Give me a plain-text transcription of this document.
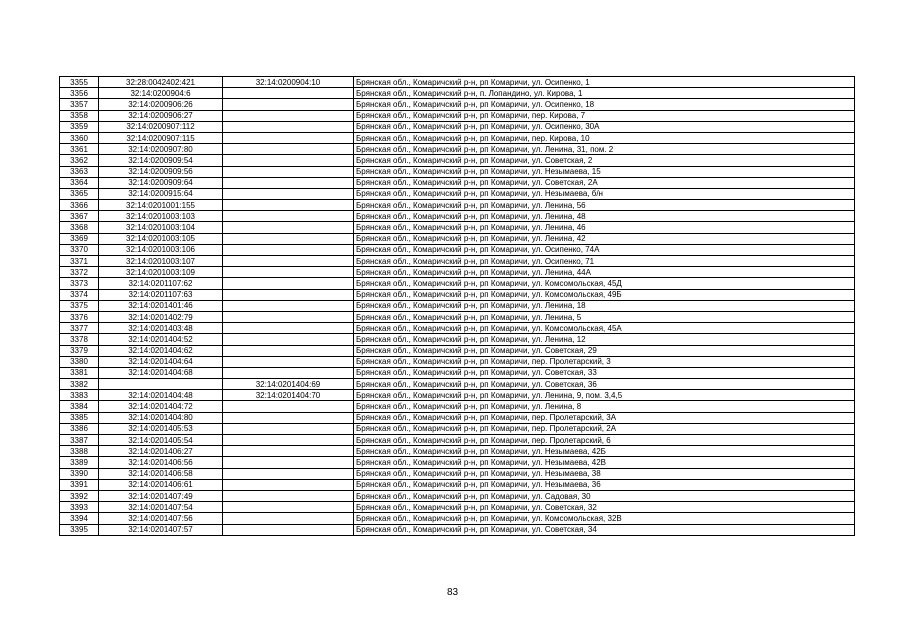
3355	32:28:0042402:421	32:14:0200904:10	Брянская обл., Комаричский р-н, рп Комаричи, ул. Осипенко, 1
3356	32:14:0200904:6		Брянская обл., Комаричский р-н, п. Лопандино, ул. Кирова, 1
3357	32:14:0200906:26		Брянская обл., Комаричский р-н, рп Комаричи, ул. Осипенко, 18
3358	32:14:0200906:27		Брянская обл., Комаричский р-н, рп Комаричи, пер. Кирова, 7
3359	32:14:0200907:112		Брянская обл., Комаричский р-н, рп Комаричи, ул. Осипенко, 30А
3360	32:14:0200907:115		Брянская обл., Комаричский р-н, рп Комаричи, пер. Кирова, 10
3361	32:14:0200907:80		Брянская обл., Комаричский р-н, рп Комаричи, ул. Ленина, 31, пом. 2
3362	32:14:0200909:54		Брянская обл., Комаричский р-н, рп Комаричи, ул. Советская, 2
3363	32:14:0200909:56		Брянская обл., Комаричский р-н, рп Комаричи, ул. Незымаева, 15
3364	32:14:0200909:64		Брянская обл., Комаричский р-н, рп Комаричи, ул. Советская, 2А
3365	32:14:0200915:64		Брянская обл., Комаричский р-н, рп Комаричи, ул. Незымаева, б/н
3366	32:14:0201001:155		Брянская обл., Комаричский р-н, рп Комаричи, ул. Ленина, 56
3367	32:14:0201003:103		Брянская обл., Комаричский р-н, рп Комаричи, ул. Ленина, 48
3368	32:14:0201003:104		Брянская обл., Комаричский р-н, рп Комаричи, ул. Ленина, 46
3369	32:14:0201003:105		Брянская обл., Комаричский р-н, рп Комаричи, ул. Ленина, 42
3370	32:14:0201003:106		Брянская обл., Комаричский р-н, рп Комаричи, ул. Осипенко, 74А
3371	32:14:0201003:107		Брянская обл., Комаричский р-н, рп Комаричи, ул. Осипенко, 71
3372	32:14:0201003:109		Брянская обл., Комаричский р-н, рп Комаричи, ул. Ленина, 44А
3373	32:14:0201107:62		Брянская обл., Комаричский р-н, рп Комаричи, ул. Комсомольская, 45Д
3374	32:14:0201107:63		Брянская обл., Комаричский р-н, рп Комаричи, ул. Комсомольская, 49Б
3375	32:14:0201401:46		Брянская обл., Комаричский р-н, рп Комаричи, ул. Ленина, 18
3376	32:14:0201402:79		Брянская обл., Комаричский р-н, рп Комаричи, ул. Ленина, 5
3377	32:14:0201403:48		Брянская обл., Комаричский р-н, рп Комаричи, ул. Комсомольская, 45А
3378	32:14:0201404:52		Брянская обл., Комаричский р-н, рп Комаричи, ул. Ленина, 12
3379	32:14:0201404:62		Брянская обл., Комаричский р-н, рп Комаричи, ул. Советская, 29
3380	32:14:0201404:64		Брянская обл., Комаричский р-н, рп Комаричи, пер. Пролетарский, 3
3381	32:14:0201404:68		Брянская обл., Комаричский р-н, рп Комаричи, ул. Советская, 33
3382		32:14:0201404:69	Брянская обл., Комаричский р-н, рп Комаричи, ул. Советская, 36
3383	32:14:0201404:48	32:14:0201404:70	Брянская обл., Комаричский р-н, рп Комаричи, ул. Ленина, 9, пом. 3,4,5
3384	32:14:0201404:72		Брянская обл., Комаричский р-н, рп Комаричи, ул. Ленина, 8
3385	32:14:0201404:80		Брянская обл., Комаричский р-н, рп Комаричи, пер. Пролетарский, 3А
3386	32:14:0201405:53		Брянская обл., Комаричский р-н, рп Комаричи, пер. Пролетарский, 2А
3387	32:14:0201405:54		Брянская обл., Комаричский р-н, рп Комаричи, пер. Пролетарский, 6
3388	32:14:0201406:27		Брянская обл., Комаричский р-н, рп Комаричи, ул. Незымаева, 42Б
3389	32:14:0201406:56		Брянская обл., Комаричский р-н, рп Комаричи, ул. Незымаева, 42В
3390	32:14:0201406:58		Брянская обл., Комаричский р-н, рп Комаричи, ул. Незымаева, 38
3391	32:14:0201406:61		Брянская обл., Комаричский р-н, рп Комаричи, ул. Незымаева, 36
3392	32:14:0201407:49		Брянская обл., Комаричский р-н, рп Комаричи, ул. Садовая, 30
3393	32:14:0201407:54		Брянская обл., Комаричский р-н, рп Комаричи, ул. Советская, 32
3394	32:14:0201407:56		Брянская обл., Комаричский р-н, рп Комаричи, ул. Комсомольская, 32В
3395	32:14:0201407:57		Брянская обл., Комаричский р-н, рп Комаричи, ул. Советская, 34
83
